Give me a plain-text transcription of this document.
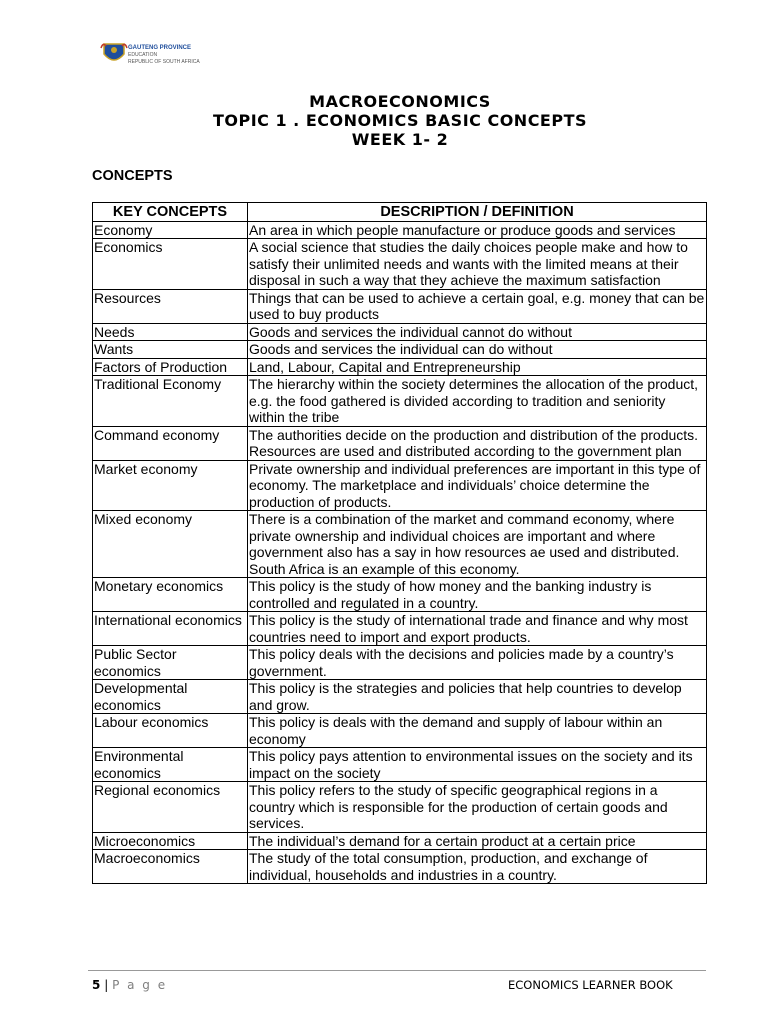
GAUTENG PROVINCE
EDUCATION
REPUBLIC OF SOUTH AFRICA
MACROECONOMICS
TOPIC 1 . ECONOMICS BASIC CONCEPTS
WEEK 1- 2
CONCEPTS
KEY CONCEPTS	DESCRIPTION / DEFINITION
Economy	An area in which people manufacture or produce goods and services
Economics	A social science that studies the daily choices people make and how to satisfy their unlimited needs and wants with the limited means at their disposal in such a way that they achieve the maximum satisfaction
Resources	Things that can be used to achieve a certain goal, e.g. money that can be used to buy products
Needs	Goods and services the individual cannot do without
Wants	Goods and services the individual can do without
Factors of Production	Land, Labour, Capital and Entrepreneurship
Traditional Economy	The hierarchy within the society determines the allocation of the product, e.g. the food gathered is divided according to tradition and seniority within the tribe
Command economy	The authorities decide on the production and distribution of the products. Resources are used and distributed according to the government plan
Market economy	Private ownership and individual preferences are important in this type of economy. The marketplace and individuals’ choice determine the production of products.
Mixed economy	There is a combination of the market and command economy, where private ownership and individual choices are important and where government also has a say in how resources ae used and distributed. South Africa is an example of this economy.
Monetary economics	This policy is the study of how money and the banking industry is controlled and regulated in a country.
International economics	This policy is the study of international trade and finance and why most countries need to import and export products.
Public Sector economics	This policy deals with the decisions and policies made by a country’s government.
Developmental economics	This policy is the strategies and policies that help countries to develop and grow.
Labour economics	This policy is deals with the demand and supply of labour within an economy
Environmental economics	This policy pays attention to environmental issues on the society and its impact on the society
Regional economics	This policy refers to the study of specific geographical regions in a country which is responsible for the production of certain goods and services.
Microeconomics	The individual’s demand for a certain product at a certain price
Macroeconomics	The study of the total consumption, production, and exchange of individual, households and industries in a country.
5 | P a g e	ECONOMICS LEARNER BOOK
